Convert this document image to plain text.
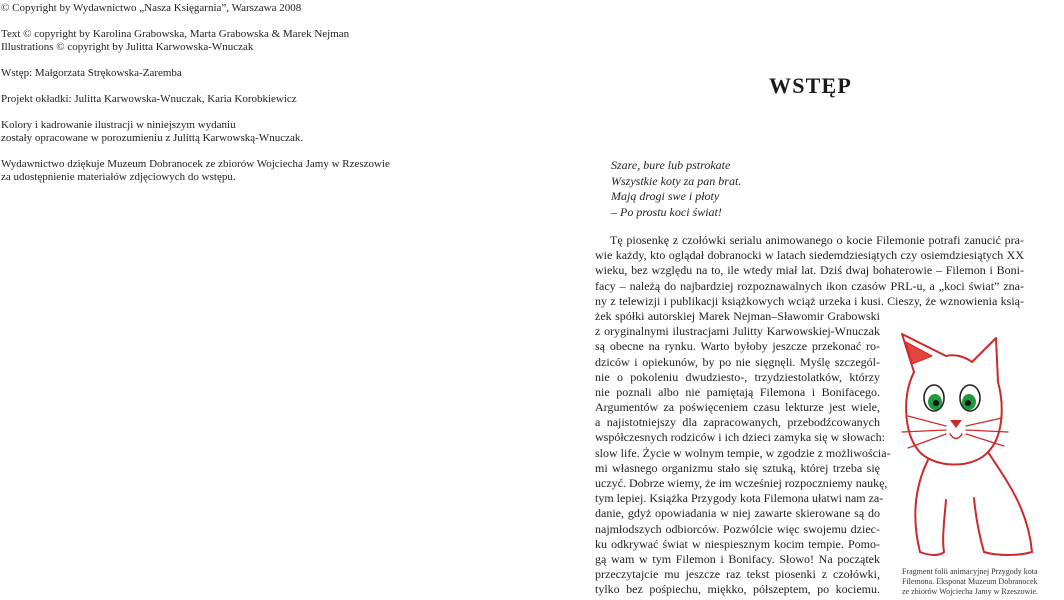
© Copyright by Wydawnictwo „Nasza Księgarnia”, Warszawa 2008
Text © copyright by Karolina Grabowska, Marta Grabowska & Marek Nejman
Illustrations © copyright by Julitta Karwowska-Wnuczak
Wstęp: Małgorzata Strękowska-Zaremba
Projekt okładki: Julitta Karwowska-Wnuczak, Karia Korobkiewicz
Kolory i kadrowanie ilustracji w niniejszym wydaniu
zostały opracowane w porozumieniu z Julittą Karwowską-Wnuczak.
Wydawnictwo dziękuje Muzeum Dobranocek ze zbiorów Wojciecha Jamy w Rzeszowie
za udostępnienie materiałów zdjęciowych do wstępu.
WSTĘP
Szare, bure lub pstrokate
Wszystkie koty za pan brat.
Mają drogi swe i płoty
– Po prostu koci świat!
Tę piosenkę z czołówki serialu animowanego o kocie Filemonie potrafi zanucić pra-
wie każdy, kto oglądał dobranocki w latach siedemdziesiątych czy osiemdziesiątych XX
wieku, bez względu na to, ile wtedy miał lat. Dziś dwaj bohaterowie – Filemon i Boni-
facy – należą do najbardziej rozpoznawalnych ikon czasów PRL-u, a „koci świat” zna-
ny z telewizji i publikacji książkowych wciąż urzeka i kusi. Cieszy, że wznowienia ksią-
żek spółki autorskiej Marek Nejman–Sławomir Grabowski
z oryginalnymi ilustracjami Julitty Karwowskiej-Wnuczak
są obecne na rynku. Warto byłoby jeszcze przekonać ro-
dziców i opiekunów, by po nie sięgnęli. Myślę szczegól-
nie o pokoleniu dwudziesto-, trzydziestolatków, którzy
nie poznali albo nie pamiętają Filemona i Bonifacego.
Argumentów za poświęceniem czasu lekturze jest wiele,
a najistotniejszy dla zapracowanych, przebodźcowanych
współczesnych rodziców i ich dzieci zamyka się w słowach:
slow life. Życie w wolnym tempie, w zgodzie z możliwościa-
mi własnego organizmu stało się sztuką, której trzeba się
uczyć. Dobrze wiemy, że im wcześniej rozpoczniemy naukę,
tym lepiej. Książka Przygody kota Filemona ułatwi nam za-
danie, gdyż opowiadania w niej zawarte skierowane są do
najmłodszych odbiorców. Pozwólcie więc swojemu dziec-
ku odkrywać świat w niespiesznym kocim tempie. Pomo-
gą wam w tym Filemon i Bonifacy. Słowo! Na początek
przeczytajcie mu jeszcze raz tekst piosenki z czołówki,
tylko bez pośpiechu, miękko, półszeptem, po kociemu.
Fragment folii animacyjnej Przygody kota
Filemona. Eksponat Muzeum Dobranocek
ze zbiorów Wojciecha Jamy w Rzeszowie.
